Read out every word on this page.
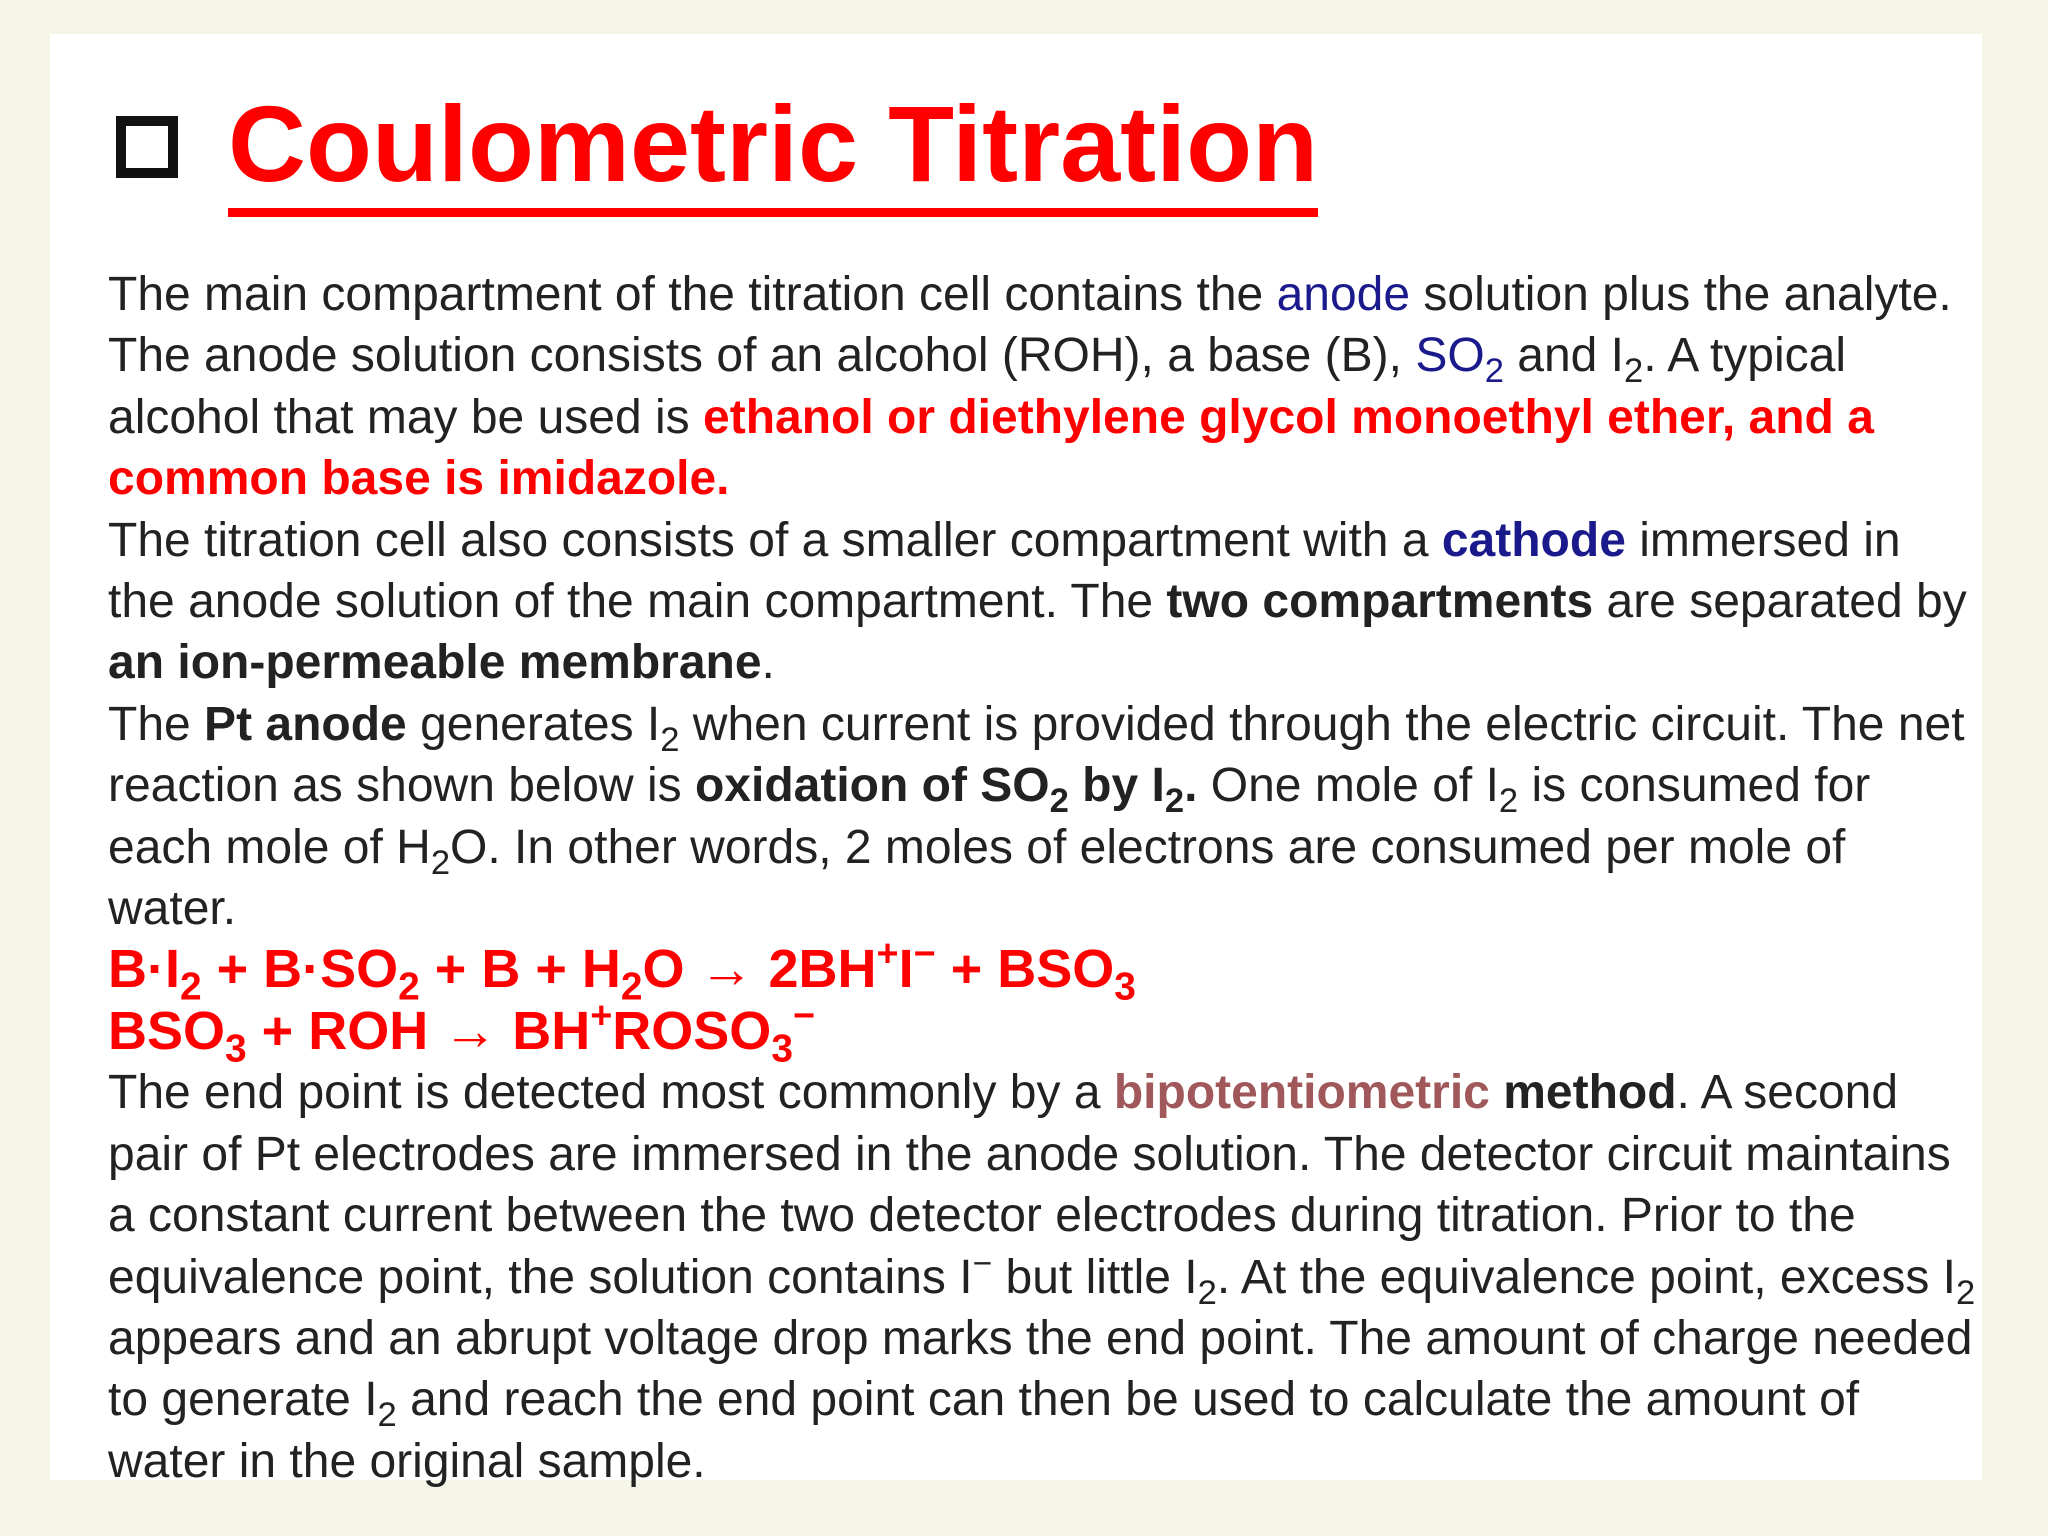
Coulometric Titration

The main compartment of the titration cell contains the anode solution plus the analyte. The anode solution consists of an alcohol (ROH), a base (B), $SO_2$ and $I_2$. A typical alcohol that may be used is ethanol or diethylene glycol monoethyl ether, and a common base is imidazole.

The titration cell also consists of a smaller compartment with a cathode immersed in the anode solution of the main compartment. The two compartments are separated by an ion-permeable membrane.

The Pt anode generates $I_2$ when current is provided through the electric circuit. The net reaction as shown below is oxidation of $SO_2$ by $I_2$. One mole of $I_2$ is consumed for each mole of $H_2O$. In other words, 2 moles of electrons are consumed per mole of water.

$B\cdot I_2 + B\cdot SO_2 + B + H_2O \to 2BH^+I^- + BSO_3$

$BSO_3$ + ROH → $BH^+ROSO_3^-$

The end point is detected most commonly by a bipotentiometric method. A second pair of Pt electrodes are immersed in the anode solution. The detector circuit maintains a constant current between the two detector electrodes during titration. Prior to the equivalence point, the solution contains I− but little $I_2$. At the equivalence point, excess $I_2$ appears and an abrupt voltage drop marks the end point. The amount of charge needed to generate $I_2$ and reach the end point can then be used to calculate the amount of water in the original sample.
